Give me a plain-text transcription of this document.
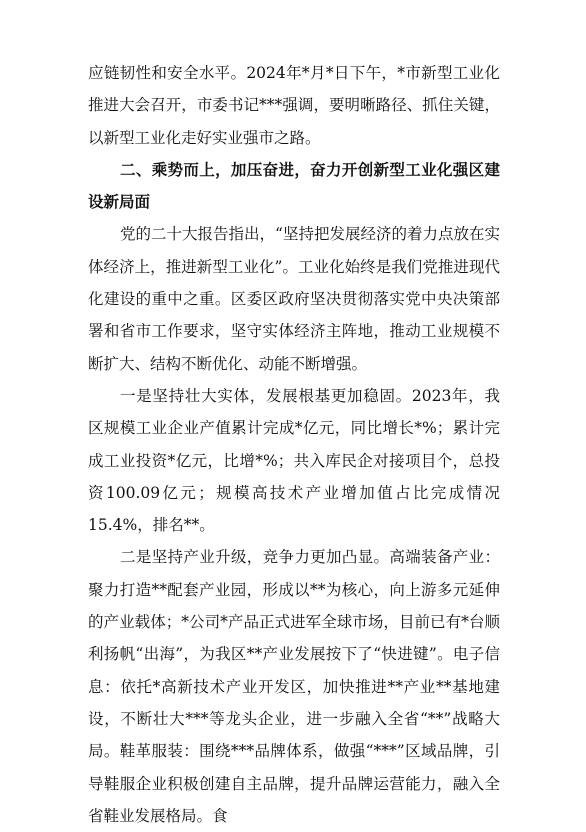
应链韧性和安全水平。2024年*月*日下午，*市新型工业化推进大会召开，市委书记***强调，要明晰路径、抓住关键，以新型工业化走好实业强市之路。

二、乘势而上，加压奋进，奋力开创新型工业化强区建设新局面

党的二十大报告指出，“坚持把发展经济的着力点放在实体经济上，推进新型工业化”。工业化始终是我们党推进现代化建设的重中之重。区委区政府坚决贯彻落实党中央决策部署和省市工作要求，坚守实体经济主阵地，推动工业规模不断扩大、结构不断优化、动能不断增强。

一是坚持壮大实体，发展根基更加稳固。2023年，我区规模工业企业产值累计完成*亿元，同比增长*%；累计完成工业投资*亿元，比增*%；共入库民企对接项目个，总投资100.09亿元；规模高技术产业增加值占比完成情况15.4%，排名**。

二是坚持产业升级，竞争力更加凸显。高端装备产业：聚力打造**配套产业园，形成以**为核心，向上游多元延伸的产业载体；*公司*产品正式进军全球市场，目前已有*台顺利扬帆“出海”，为我区**产业发展按下了“快进键”。电子信息：依托*高新技术产业开发区，加快推进**产业**基地建设，不断壮大***等龙头企业，进一步融入全省“**”战略大局。鞋革服装：围绕***品牌体系，做强“***”区域品牌，引导鞋服企业积极创建自主品牌，提升品牌运营能力，融入全省鞋业发展格局。食
